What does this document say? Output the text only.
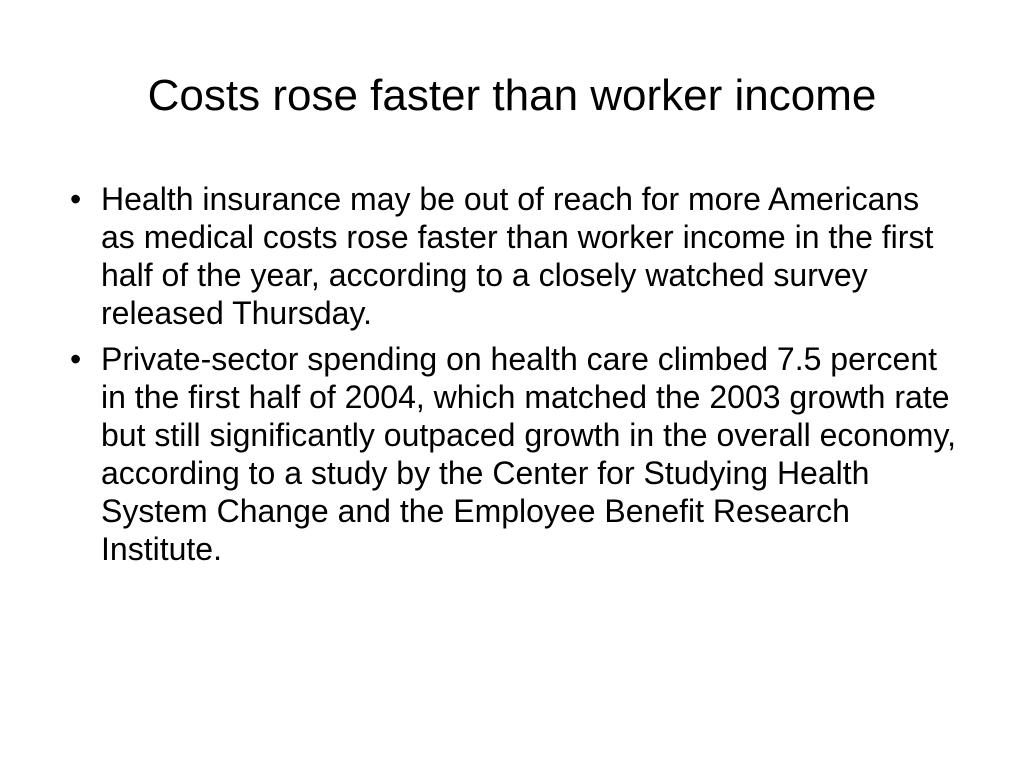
Costs rose faster than worker income
• Health insurance may be out of reach for more Americans as medical costs rose faster than worker income in the first half of the year, according to a closely watched survey released Thursday.
• Private-sector spending on health care climbed 7.5 percent in the first half of 2004, which matched the 2003 growth rate but still significantly outpaced growth in the overall economy, according to a study by the Center for Studying Health System Change and the Employee Benefit Research Institute.
